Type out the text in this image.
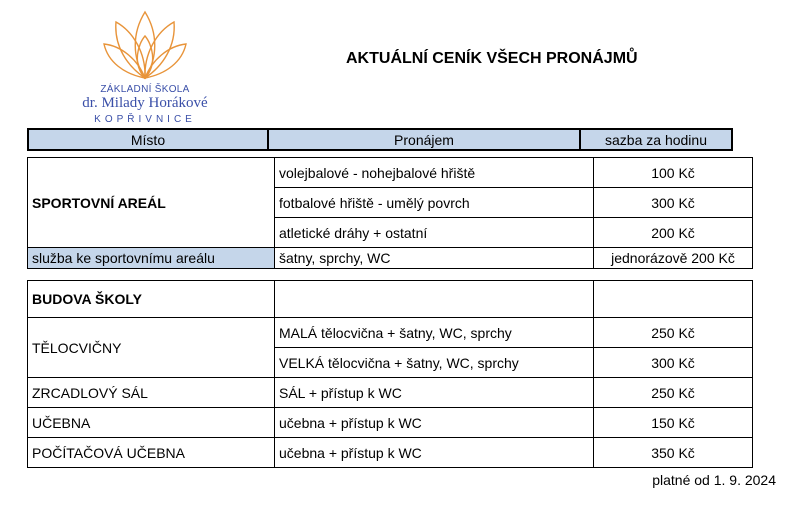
ZÁKLADNÍ ŠKOLA
dr. Milady Horákové
KOPŘIVNICE
AKTUÁLNÍ CENÍK VŠECH PRONÁJMŮ
Místo	Pronájem	sazba za hodinu
SPORTOVNÍ AREÁL	volejbalové - nohejbalové hřiště	100 Kč
	fotbalové hřiště - umělý povrch	300 Kč
	atletické dráhy + ostatní	200 Kč
služba ke sportovnímu areálu	šatny, sprchy, WC	jednorázově 200 Kč
BUDOVA ŠKOLY		
TĚLOCVIČNY	MALÁ tělocvična + šatny, WC, sprchy	250 Kč
	VELKÁ tělocvična + šatny, WC, sprchy	300 Kč
ZRCADLOVÝ SÁL	SÁL + přístup k WC	250 Kč
UČEBNA	učebna + přístup k WC	150 Kč
POČÍTAČOVÁ UČEBNA	učebna + přístup k WC	350 Kč
platné od 1. 9. 2024
